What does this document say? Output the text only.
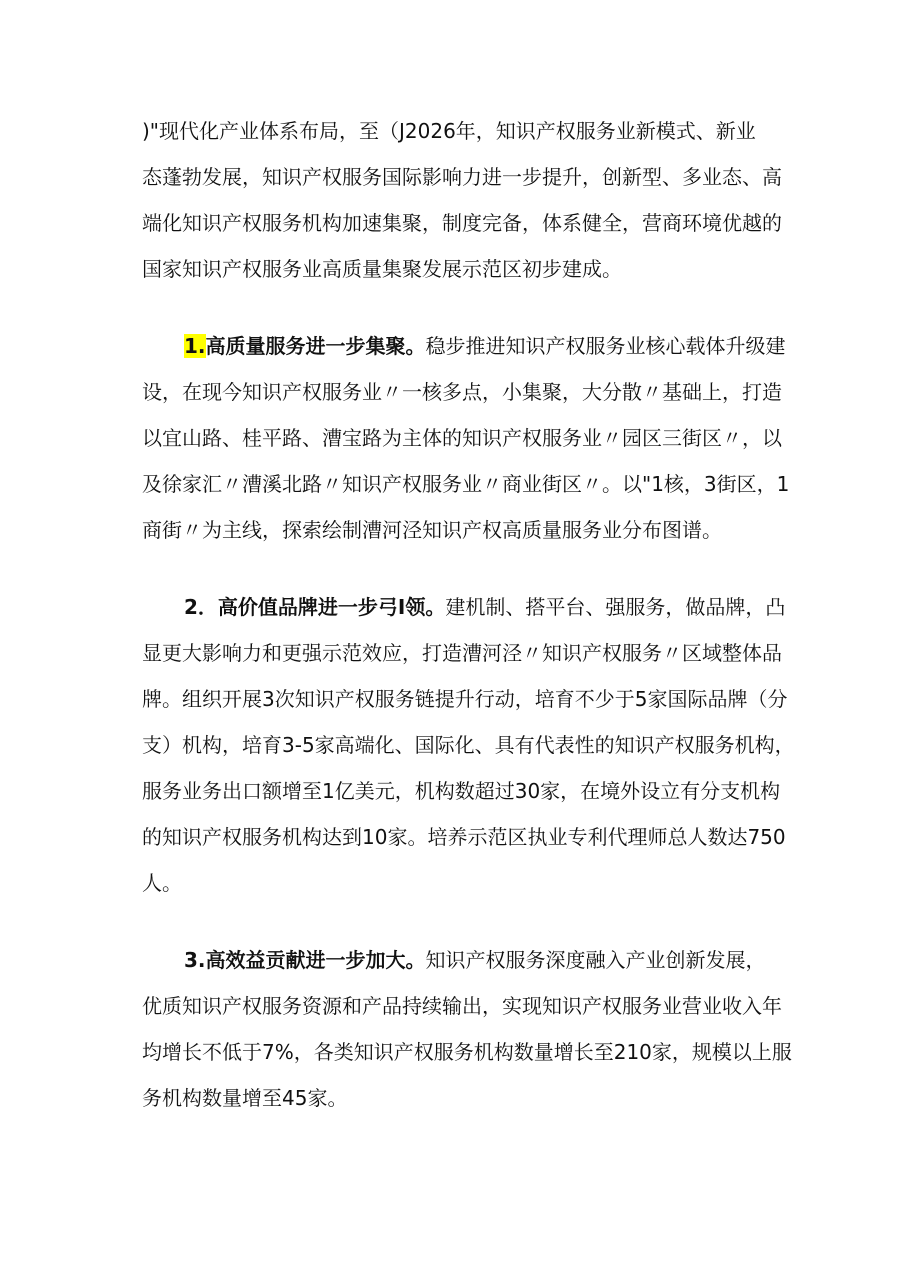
)"现代化产业体系布局，至（J2026年，知识产权服务业新模式、新业
态蓬勃发展，知识产权服务国际影响力进一步提升，创新型、多业态、高
端化知识产权服务机构加速集聚，制度完备，体系健全，营商环境优越的
国家知识产权服务业高质量集聚发展示范区初步建成。
1.高质量服务进一步集聚。稳步推进知识产权服务业核心载体升级建
设，在现今知识产权服务业〃一核多点，小集聚，大分散〃基础上，打造
以宜山路、桂平路、漕宝路为主体的知识产权服务业〃园区三街区〃，以
及徐家汇〃漕溪北路〃知识产权服务业〃商业街区〃。以"1核，3街区，1
商街〃为主线，探索绘制漕河泾知识产权高质量服务业分布图谱。
2．高价值品牌进一步弓I领。建机制、搭平台、强服务，做品牌，凸
显更大影响力和更强示范效应，打造漕河泾〃知识产权服务〃区域整体品
牌。组织开展3次知识产权服务链提升行动，培育不少于5家国际品牌（分
支）机构，培育3-5家高端化、国际化、具有代表性的知识产权服务机构，
服务业务出口额增至1亿美元，机构数超过30家，在境外设立有分支机构
的知识产权服务机构达到10家。培养示范区执业专利代理师总人数达750
人。
3.高效益贡献进一步加大。知识产权服务深度融入产业创新发展，
优质知识产权服务资源和产品持续输出，实现知识产权服务业营业收入年
均增长不低于7%，各类知识产权服务机构数量增长至210家，规模以上服
务机构数量增至45家。
